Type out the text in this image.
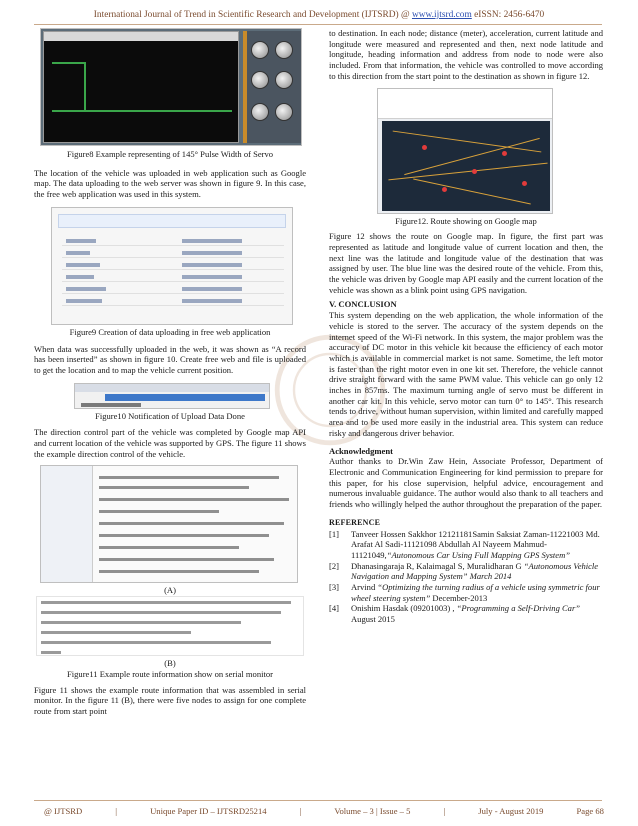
International Journal of Trend in Scientific Research and Development (IJTSRD) @ www.ijtsrd.com eISSN: 2456-6470

Figure8 Example representing of 145° Pulse Width of Servo

The location of the vehicle was uploaded in web application such as Google map. The data uploading to the web server was shown in figure 9. In this case, the free web application was used in this system.

Figure9 Creation of data uploading in free web application

When data was successfully uploaded in the web, it was shown as “A record has been inserted” as shown in figure 10. Create free web and file is uploaded to get the location and to map the vehicle current position.

Figure10 Notification of Upload Data Done

The direction control part of the vehicle was completed by Google map API and current location of the vehicle was supported by GPS. The figure 11 shows the example direction control of the vehicle.

(A)

(B)

Figure11 Example route information show on serial monitor

Figure 11 shows the example route information that was assembled in serial monitor. In the figure 11 (B), there were five nodes to assign for one complete route from start point

to destination. In each node; distance (meter), acceleration, current latitude and longitude were measured and represented and then, next node latitude and longitude, heading information and address from node to node were also included. From that information, the vehicle was controlled to move according to this direction from the start point to the destination as shown in figure 12.

Figure12. Route showing on Google map

Figure 12 shows the route on Google map. In figure, the first part was represented as latitude and longitude value of current location and then, the next line was the latitude and longitude value of the destination that was assigned by user. The blue line was the desired route of the vehicle. From this, the vehicle was driven by Google map API easily and the current location of the vehicle was shown as a blink point using GPS navigation.

V. CONCLUSION

This system depending on the web application, the whole information of the vehicle is stored to the server. The accuracy of the system depends on the internet speed of the Wi-Fi network. In this system, the major problem was the accuracy of DC motor in this vehicle kit because the efficiency of each motor which is available in commercial market is not same. Sometime, the left motor is faster than the right motor even in one kit set. Therefore, the vehicle cannot drive straight forward with the same PWM value. This vehicle can go only 12 inches in 857ms. The maximum turning angle of servo must be different in another car kit. In this vehicle, servo motor can turn 0° to 145°. This research tends to drive, without human supervision, within limited and carefully mapped area and to be used more easily in the industrial area. This system can reduce risky and dangerous driver behavior.

Acknowledgment

Author thanks to Dr.Win Zaw Hein, Associate Professor, Department of Electronic and Communication Engineering for kind permission to prepare for this paper, for his close supervision, helpful advice, encouragement and numerous invaluable guidance. The author would also thank to all teachers and friends who willingly helped the author throughout the preparation of the paper.

REFERENCE

[1]	Tanveer Hossen Sakkhor 12121181Samin Saksiat Zaman-11221003 Md. Arafat Al Sadi-11121098 Abdullah Al Nayeem Mahmud-11121049,“Autonomous Car Using Full Mapping GPS System”
[2]	Dhanasingaraja R, Kalaimagal S, Muralidharan G “Autonomous Vehicle Navigation and Mapping System” March 2014
[3]	Arvind “Optimizing the turning radius of a vehicle using symmetric four wheel steering system” December-2013
[4]	Onishim Hasdak (09201003) , “Programming a Self-Driving Car” August 2015
@ IJTSRD	|	Unique Paper ID – IJTSRD25214	|	Volume – 3 | Issue – 5	|	July - August 2019	Page 68
